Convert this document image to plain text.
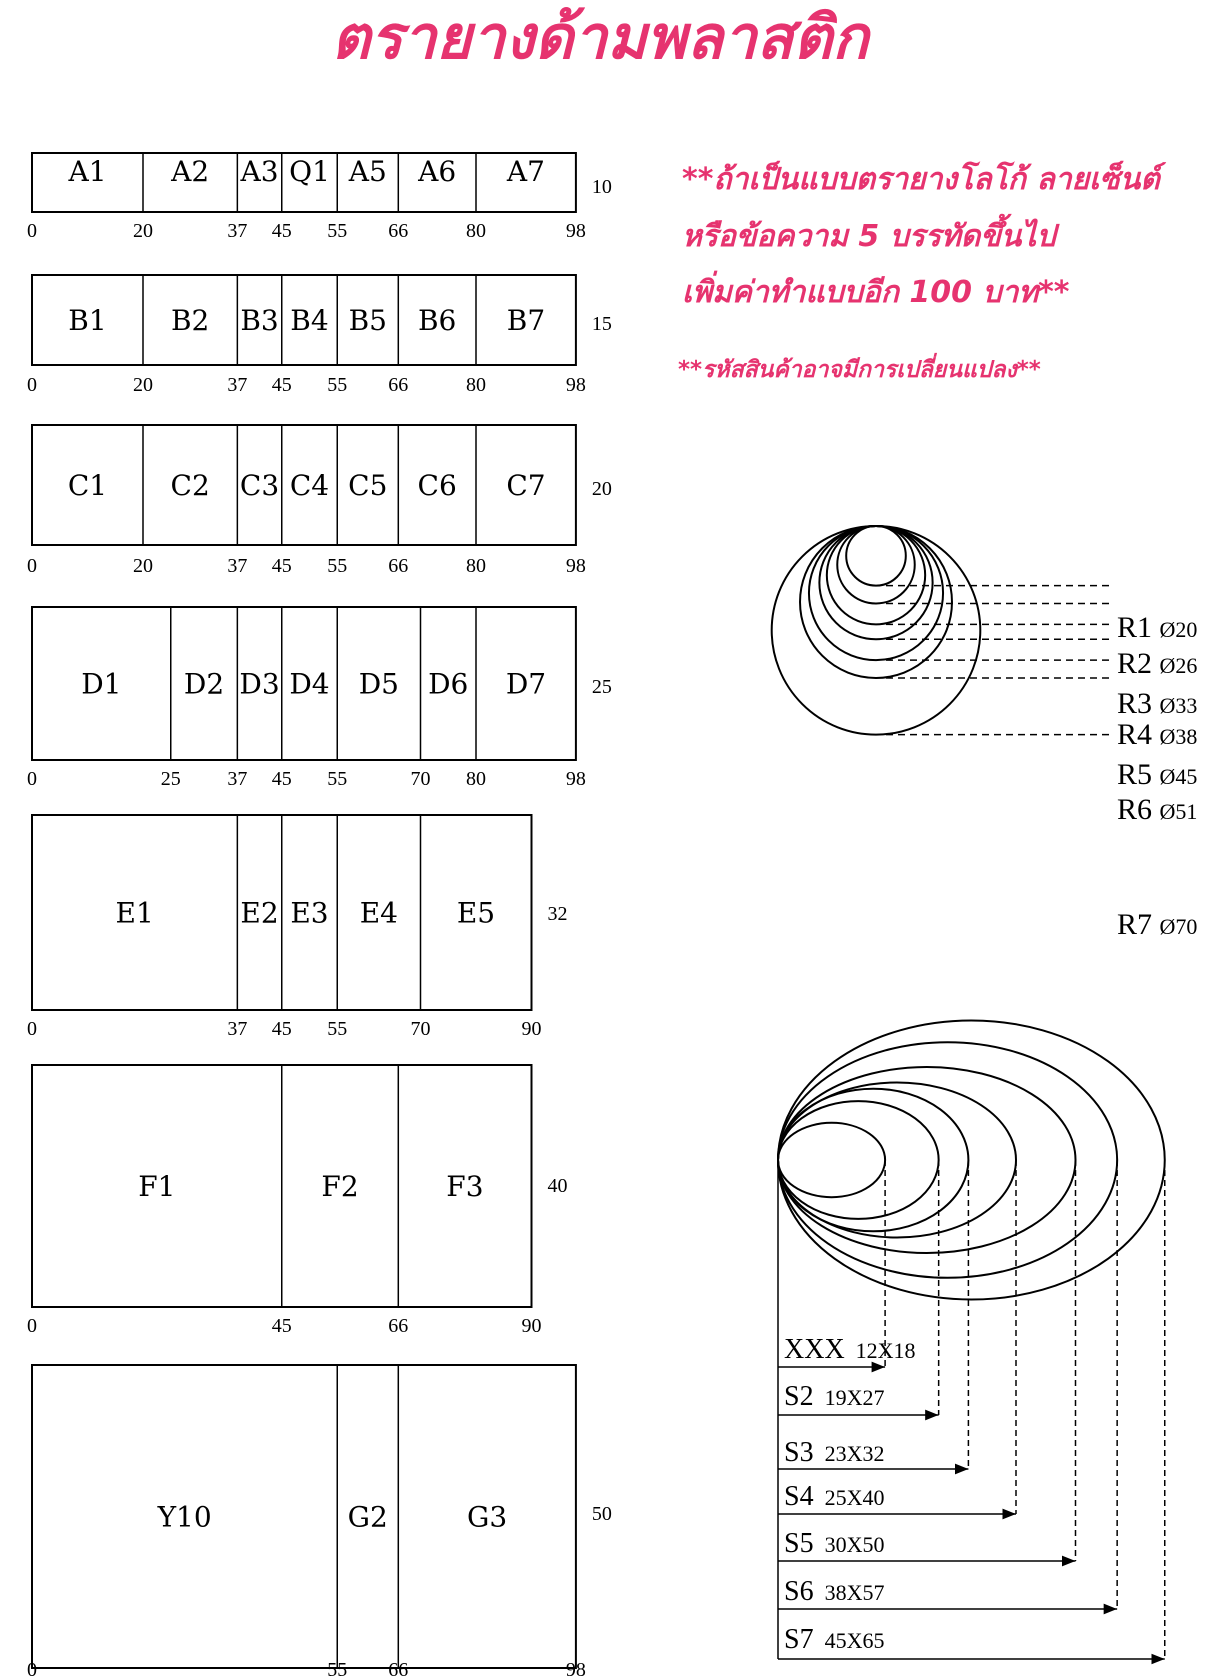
ตรายางด้ามพลาสติก
**ถ้าเป็นแบบตรายางโลโก้ ลายเซ็นต์
หรือข้อความ 5 บรรทัดขึ้นไป
เพิ่มค่าทำแบบอีก 100 บาท**
**รหัสสินค้าอาจมีการเปลี่ยนแปลง**
A1 A2 A3 Q1 A5 A6 A7
0	20	37 45 55 66	80	98
10
B1 B2 B3 B4 B5 B6 B7
0	20	37 45 55 66	80	98
15
C1 C2 C3 C4 C5 C6 C7
0	20	37 45 55 66	80	98
20
D1 D2 D3 D4 D5 D6 D7
0	25 37 45 55	70 80	98
25
E1	E2 E3 E4 E5
0	37 45 55	70	90
32
F1	F2	F3
0	45	66	90
40
Y10	G2	G3
0	55 66	98
50
R1 Ø20
R2 Ø26
R3 Ø33
R4 Ø38
R5 Ø45
R6 Ø51
R7 Ø70
XXX 12X18
S2 19X27
S3 23X32
S4 25X40
S5 30X50
S6 38X57
S7 45X65
